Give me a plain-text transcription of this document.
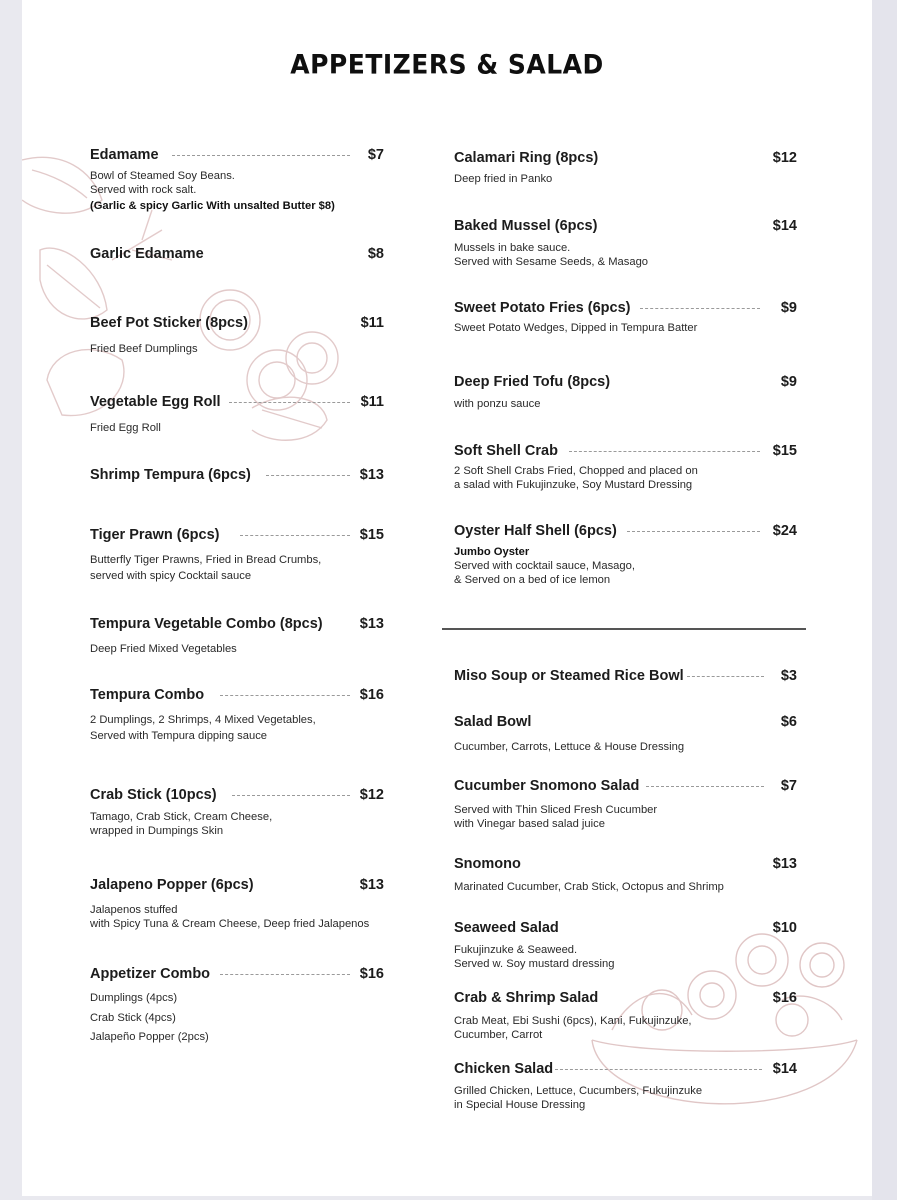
APPETIZERS & SALAD
Edamame	$7
Bowl of Steamed Soy Beans.
Served with rock salt.
(Garlic & spicy Garlic With unsalted Butter $8)
Garlic Edamame	$8
Beef Pot Sticker (8pcs)	$11
Fried Beef Dumplings
Vegetable Egg Roll	$11
Fried Egg Roll
Shrimp Tempura (6pcs)	$13
Tiger Prawn (6pcs)	$15
Butterfly Tiger Prawns, Fried in Bread Crumbs,
served with spicy Cocktail sauce
Tempura Vegetable Combo (8pcs)	$13
Deep Fried Mixed Vegetables
Tempura Combo	$16
2 Dumplings, 2 Shrimps, 4 Mixed Vegetables,
Served with Tempura dipping sauce
Crab Stick (10pcs)	$12
Tamago, Crab Stick, Cream Cheese,
wrapped in Dumpings Skin
Jalapeno Popper (6pcs)	$13
Jalapenos stuffed
with Spicy Tuna & Cream Cheese, Deep fried Jalapenos
Appetizer Combo	$16
Dumplings (4pcs)
Crab Stick (4pcs)
Jalapeño Popper (2pcs)
Calamari Ring (8pcs)	$12
Deep fried in Panko
Baked Mussel (6pcs)	$14
Mussels in bake sauce.
Served with Sesame Seeds, & Masago
Sweet Potato Fries (6pcs)	$9
Sweet Potato Wedges, Dipped in Tempura Batter
Deep Fried Tofu (8pcs)	$9
with ponzu sauce
Soft Shell Crab	$15
2 Soft Shell Crabs Fried, Chopped and placed on
a salad with Fukujinzuke, Soy Mustard Dressing
Oyster Half Shell (6pcs)	$24
Jumbo Oyster
Served with cocktail sauce, Masago,
& Served on a bed of ice lemon
Miso Soup or Steamed Rice Bowl	$3
Salad Bowl	$6
Cucumber, Carrots, Lettuce & House Dressing
Cucumber Snomono Salad	$7
Served with Thin Sliced Fresh Cucumber
with Vinegar based salad juice
Snomono	$13
Marinated Cucumber, Crab Stick, Octopus and Shrimp
Seaweed Salad	$10
Fukujinzuke & Seaweed.
Served w. Soy mustard dressing
Crab & Shrimp Salad	$16
Crab Meat, Ebi Sushi (6pcs), Kani, Fukujinzuke,
Cucumber, Carrot
Chicken Salad	$14
Grilled Chicken, Lettuce, Cucumbers, Fukujinzuke
in Special House Dressing
